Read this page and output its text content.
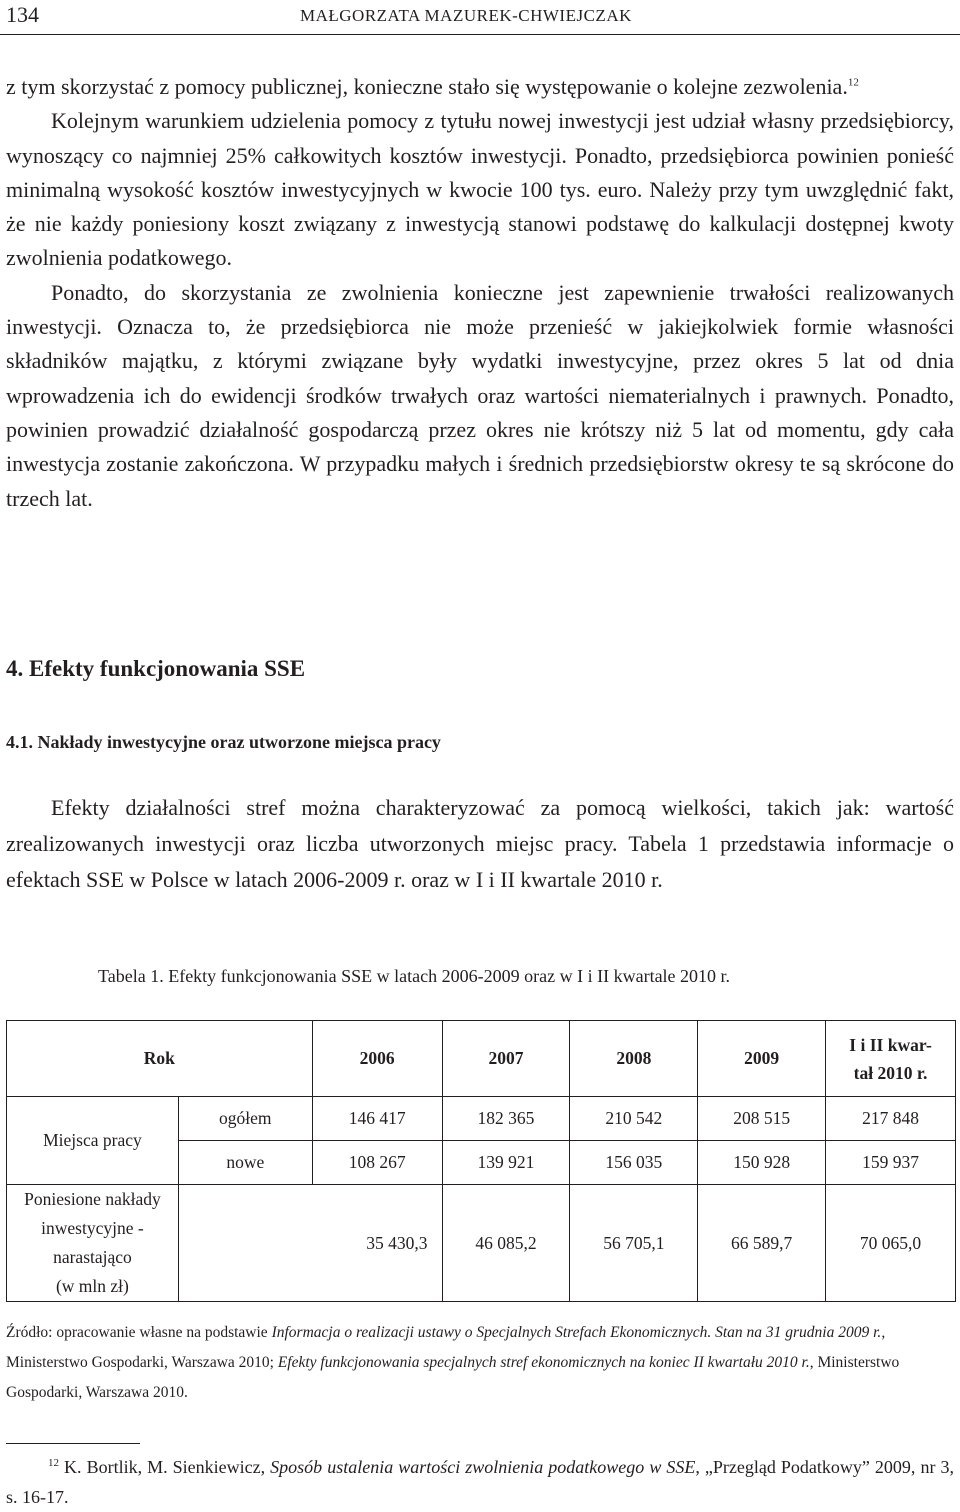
134	MAŁGORZATA MAZUREK-CHWIEJCZAK

z tym skorzystać z pomocy publicznej, konieczne stało się występowanie o kolejne zezwolenia.$^{12}$

Kolejnym warunkiem udzielenia pomocy z tytułu nowej inwestycji jest udział własny przedsiębiorcy, wynoszący co najmniej 25% całkowitych kosztów inwestycji. Ponadto, przedsiębiorca powinien ponieść minimalną wysokość kosztów inwestycyjnych w kwocie 100 tys. euro. Należy przy tym uwzględnić fakt, że nie każdy poniesiony koszt związany z inwestycją stanowi podstawę do kalkulacji dostępnej kwoty zwolnienia podatkowego.

Ponadto, do skorzystania ze zwolnienia konieczne jest zapewnienie trwałości realizowanych inwestycji. Oznacza to, że przedsiębiorca nie może przenieść w jakiejkolwiek formie własności składników majątku, z którymi związane były wydatki inwestycyjne, przez okres 5 lat od dnia wprowadzenia ich do ewidencji środków trwałych oraz wartości niematerialnych i prawnych. Ponadto, powinien prowadzić działalność gospodarczą przez okres nie krótszy niż 5 lat od momentu, gdy cała inwestycja zostanie zakończona. W przypadku małych i średnich przedsiębiorstw okresy te są skrócone do trzech lat.

4. Efekty funkcjonowania SSE
4.1. Nakłady inwestycyjne oraz utworzone miejsca pracy

Efekty działalności stref można charakteryzować za pomocą wielkości, takich jak: wartość zrealizowanych inwestycji oraz liczba utworzonych miejsc pracy. Tabela 1 przedstawia informacje o efektach SSE w Polsce w latach 2006-2009 r. oraz w I i II kwartale 2010 r.

Tabela 1. Efekty funkcjonowania SSE w latach 2006-2009 oraz w I i II kwartale 2010 r.
Rok		2006	2007	2008	2009	I i II kwar-
tał 2010 r.

Miejsca pracy	ogółem	146 417	182 365	210 542	208 515	217 848
	nowe	108 267	139 921	156 035	150 928	159 937

Poniesione nakłady
inwestycyjne - narastająco
(w mln zł)	35 430,3		46 085,2	56 705,1	66 589,7	70 065,0
Źródło: opracowanie własne na podstawie Informacja o realizacji ustawy o Specjalnych Strefach Ekonomicznych. Stan na 31 grudnia 2009 r., Ministerstwo Gospodarki, Warszawa 2010; Efekty funkcjonowania specjalnych stref ekonomicznych na koniec II kwartału 2010 r., Ministerstwo Gospodarki, Warszawa 2010.

$^{12}$ K. Bortlik, M. Sienkiewicz, Sposób ustalenia wartości zwolnienia podatkowego w SSE, „Przegląd Podatkowy” 2009, nr 3, s. 16-17.
